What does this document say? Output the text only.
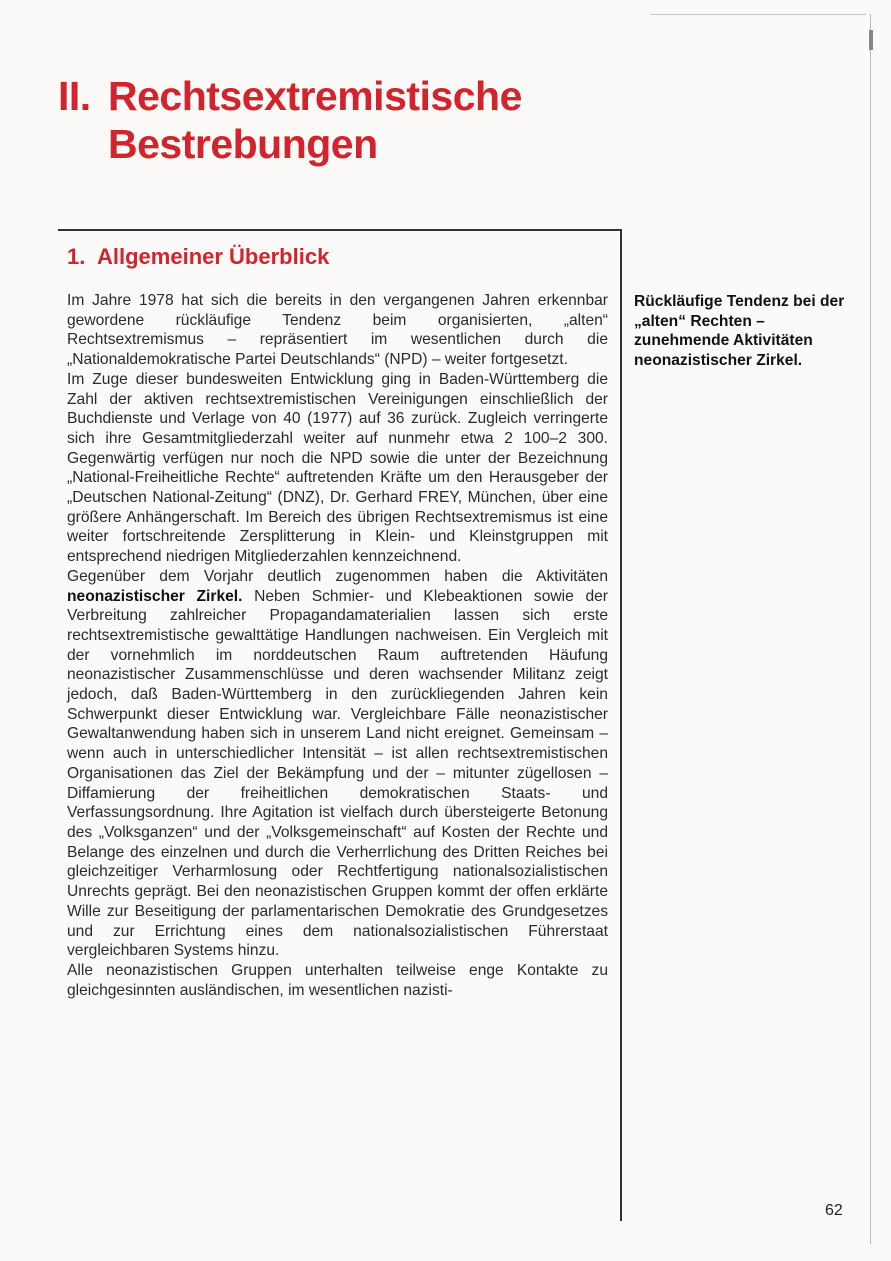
II. Rechtsextremistische
Bestrebungen
1. Allgemeiner Überblick

Im Jahre 1978 hat sich die bereits in den vergangenen Jahren erkennbar gewordene rückläufige Tendenz beim organisierten, „alten“ Rechtsextremismus – repräsentiert im wesentlichen durch die „Nationaldemokratische Partei Deutschlands“ (NPD) – weiter fortgesetzt.

Im Zuge dieser bundesweiten Entwicklung ging in Baden-Württemberg die Zahl der aktiven rechtsextremistischen Vereinigungen einschließlich der Buchdienste und Verlage von 40 (1977) auf 36 zurück. Zugleich verringerte sich ihre Gesamtmitgliederzahl weiter auf nunmehr etwa 2 100–2 300. Gegenwärtig verfügen nur noch die NPD sowie die unter der Bezeichnung „National-Freiheitliche Rechte“ auftretenden Kräfte um den Herausgeber der „Deutschen National-Zeitung“ (DNZ), Dr. Gerhard FREY, München, über eine größere Anhängerschaft. Im Bereich des übrigen Rechtsextremismus ist eine weiter fortschreitende Zersplitterung in Klein- und Kleinstgruppen mit entsprechend niedrigen Mitgliederzahlen kennzeichnend.

Gegenüber dem Vorjahr deutlich zugenommen haben die Aktivitäten neonazistischer Zirkel. Neben Schmier- und Klebeaktionen sowie der Verbreitung zahlreicher Propagandamaterialien lassen sich erste rechtsextremistische gewalttätige Handlungen nachweisen. Ein Vergleich mit der vornehmlich im norddeutschen Raum auftretenden Häufung neonazistischer Zusammenschlüsse und deren wachsender Militanz zeigt jedoch, daß Baden-Württemberg in den zurückliegenden Jahren kein Schwerpunkt dieser Entwicklung war. Vergleichbare Fälle neonazistischer Gewaltanwendung haben sich in unserem Land nicht ereignet. Gemeinsam – wenn auch in unterschiedlicher Intensität – ist allen rechtsextremistischen Organisationen das Ziel der Bekämpfung und der – mitunter zügellosen – Diffamierung der freiheitlichen demokratischen Staats- und Verfassungsordnung. Ihre Agitation ist vielfach durch übersteigerte Betonung des „Volksganzen“ und der „Volksgemeinschaft“ auf Kosten der Rechte und Belange des einzelnen und durch die Verherrlichung des Dritten Reiches bei gleichzeitiger Verharmlosung oder Rechtfertigung nationalsozialistischen Unrechts geprägt. Bei den neonazistischen Gruppen kommt der offen erklärte Wille zur Beseitigung der parlamentarischen Demokratie des Grundgesetzes und zur Errichtung eines dem nationalsozialistischen Führerstaat vergleichbaren Systems hinzu.

Alle neonazistischen Gruppen unterhalten teilweise enge Kontakte zu gleichgesinnten ausländischen, im wesentlichen nazisti-

Rückläufige Tendenz bei der „alten“ Rechten – zunehmende Aktivitäten neonazistischer Zirkel.

62
